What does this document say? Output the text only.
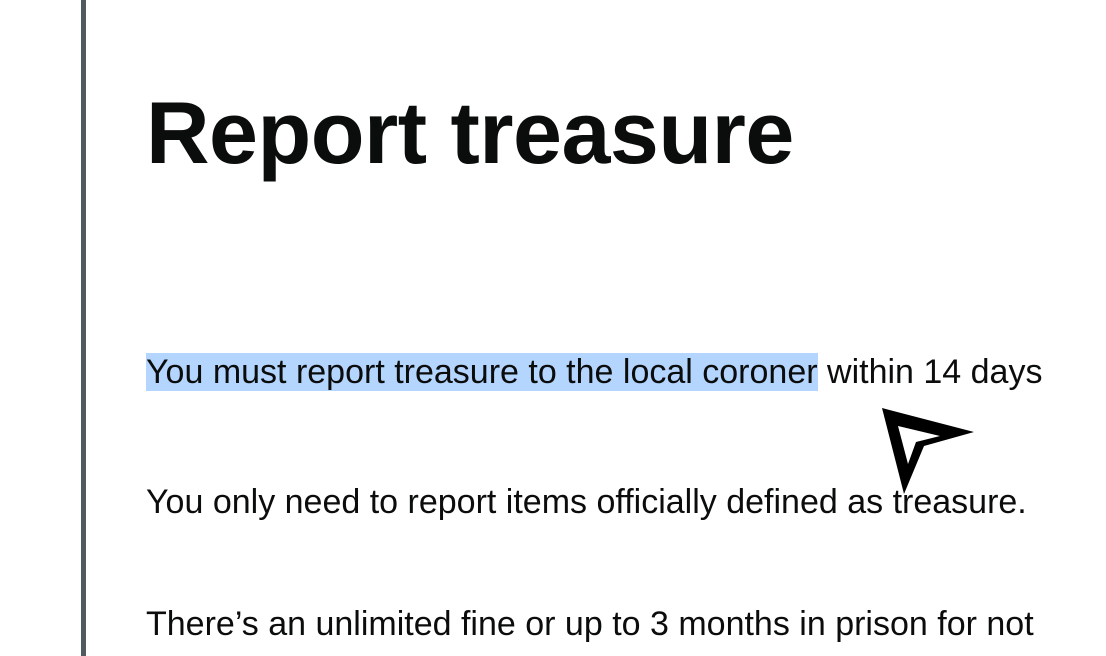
Report treasure

You must report treasure to the local coroner within 14 days

You only need to report items officially defined as treasure.

There’s an unlimited fine or up to 3 months in prison for not
